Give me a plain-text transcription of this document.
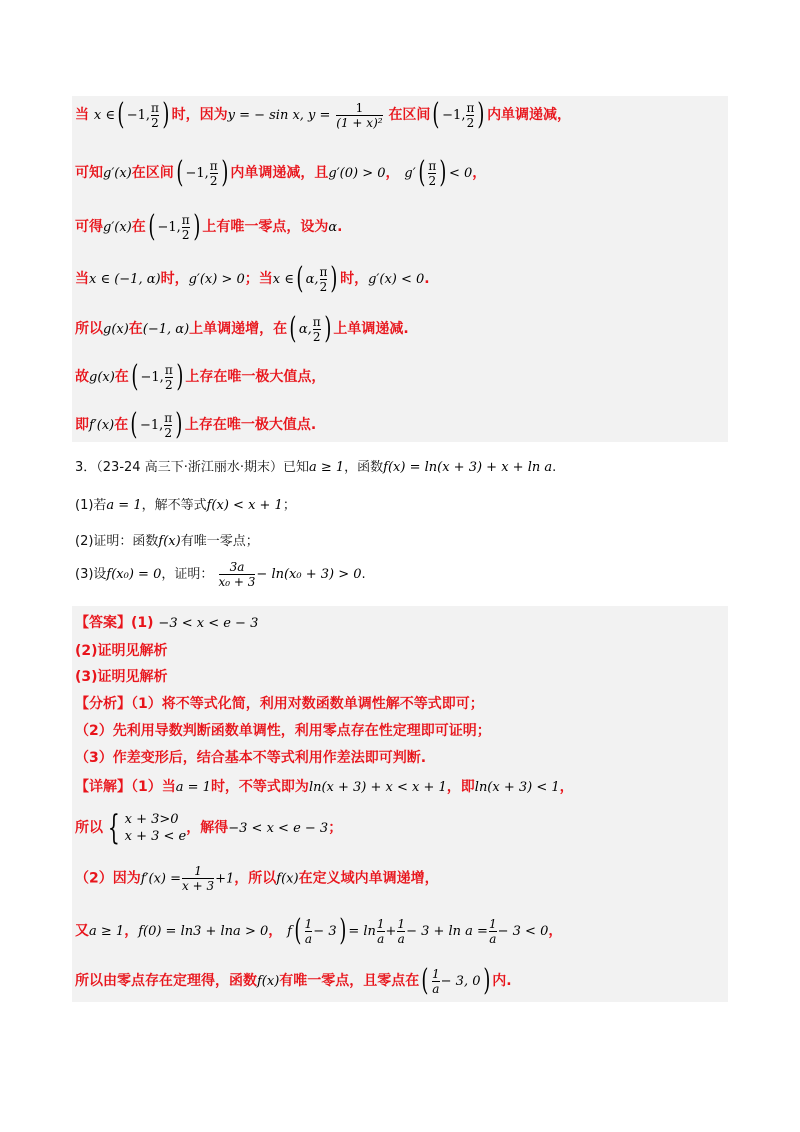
当 x ∈( −1, $\frac{\pi}{2}$ ) 时，因为y = − sin x, $y = \frac{1}{\text{(1 + x)²}}$ 在区间( −1, $\frac{\pi}{2}$ ) 内单调递减，
可知g′(x)在区间( −1, $\frac{\pi}{2}$ ) 内单调递减，且g′(0) > 0， $g'( \frac{\pi}{2}$ ) < 0，
可得g′(x)在( −1, $\frac{\pi}{2}$ ) 上有唯一零点，设为α.
当x ∈ (−1, α)时，g′(x) > 0；当x ∈( α, $\frac{\pi}{2}$ ) 时，g′(x) < 0.
所以g(x)在(−1, α)上单调递增，在( α, $\frac{\pi}{2}$ ) 上单调递减.
故g(x)在( −1, $\frac{\pi}{2}$ ) 上存在唯一极大值点，
即f′(x)在( −1, $\frac{\pi}{2}$ ) 上存在唯一极大值点.
3．（23-24 高三下·浙江丽水·期末）已知a ≥ 1，函数f(x) = ln(x + 3) + x + ln a.
(1)若a = 1，解不等式f(x) < x + 1；
(2)证明：函数f(x)有唯一零点；
(3)设f(x₀) = 0，证明： $\frac{3a}{\text{x₀ + 3}} - \ln(x_0 + 3) > 0$.
【答案】(1) −3 < x < e − 3
(2)证明见解析
(3)证明见解析
【分析】（1）将不等式化简，利用对数函数单调性解不等式即可；
（2）先利用导数判断函数单调性，利用零点存在性定理即可证明；
（3）作差变形后，结合基本不等式利用作差法即可判断.
【详解】（1）当a = 1时，不等式即为ln(x + 3) + x < x + 1，即ln(x + 3) < 1，
所以 { x + 3>0
x + 3 < e
，解得−3 < x < e − 3；
（2）因为$f'(x) = \frac{1}{x + 3} +1$，所以f(x)在定义域内单调递增，
又a ≥ 1，f(0) = ln3 + lna > 0， $f( \frac{1}{a} - 3) = \ln \frac{1}{a} + \frac{1}{a} - 3 + \ln a = \frac{1}{a} - 3 < 0$，
所以由零点存在定理得，函数f(x)有唯一零点，且零点在( $\frac{1}{a} - 3$, 0) 内.
